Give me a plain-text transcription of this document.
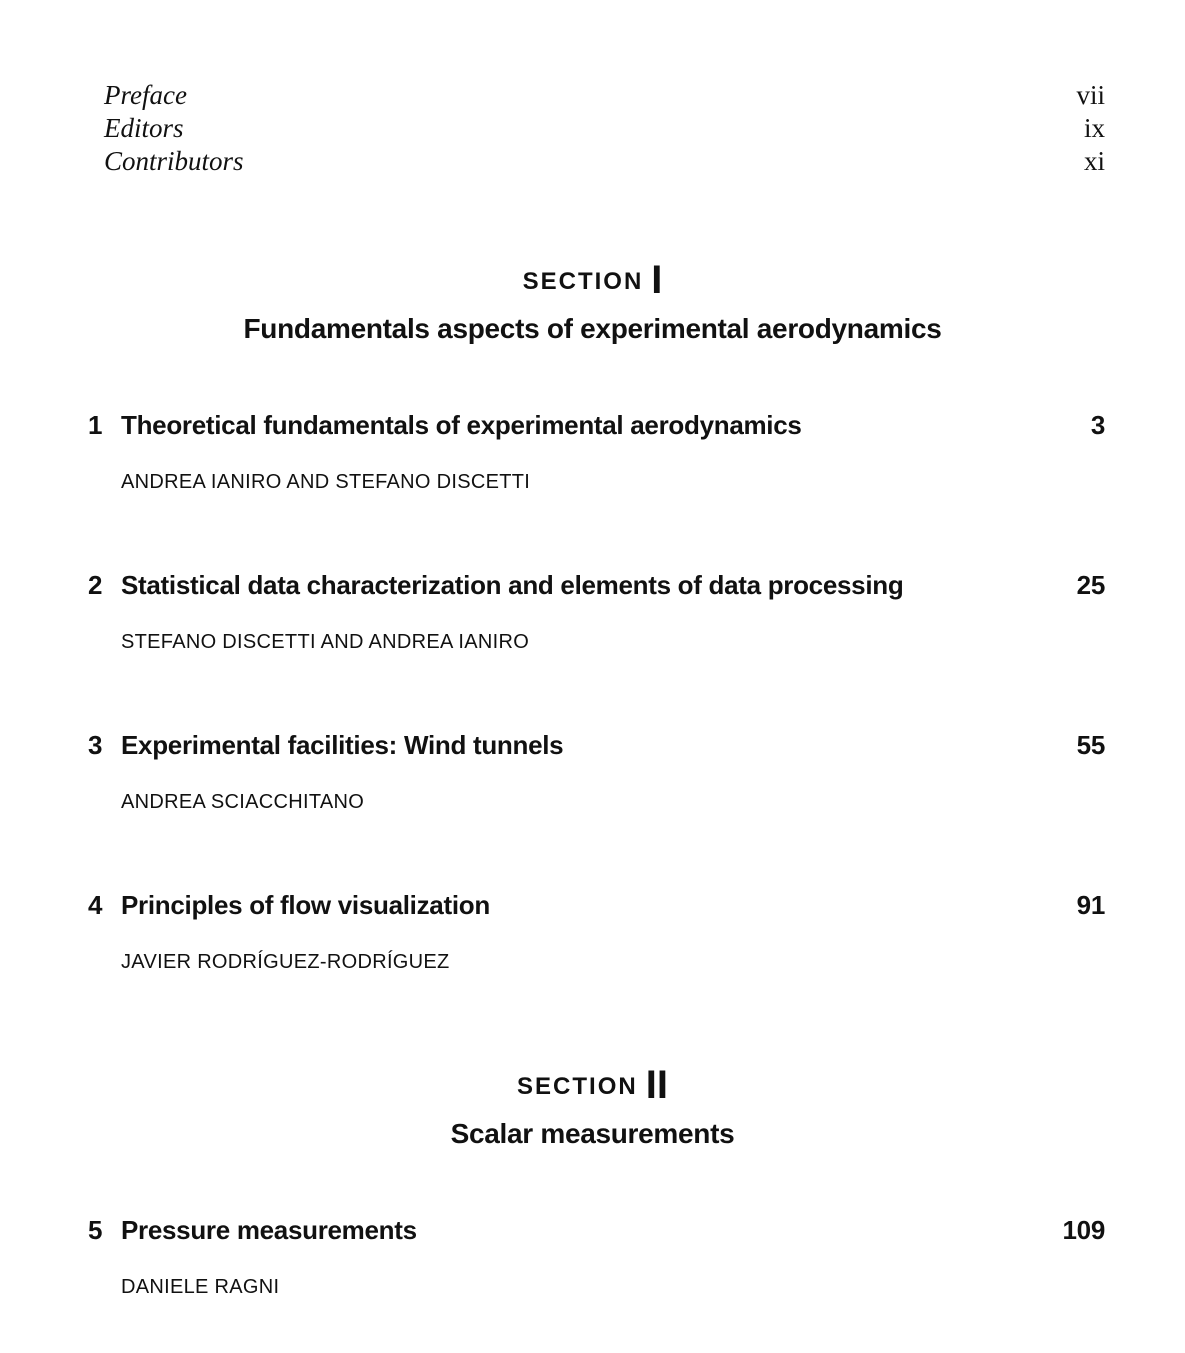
Preface	vii
Editors	ix
Contributors	xi
SECTION I
Fundamentals aspects of experimental aerodynamics
1 Theoretical fundamentals of experimental aerodynamics	3
ANDREA IANIRO AND STEFANO DISCETTI
2 Statistical data characterization and elements of data processing	25
STEFANO DISCETTI AND ANDREA IANIRO
3 Experimental facilities: Wind tunnels	55
ANDREA SCIACCHITANO
4 Principles of flow visualization	91
JAVIER RODRÍGUEZ-RODRÍGUEZ
SECTION II
Scalar measurements
5 Pressure measurements	109
DANIELE RAGNI
